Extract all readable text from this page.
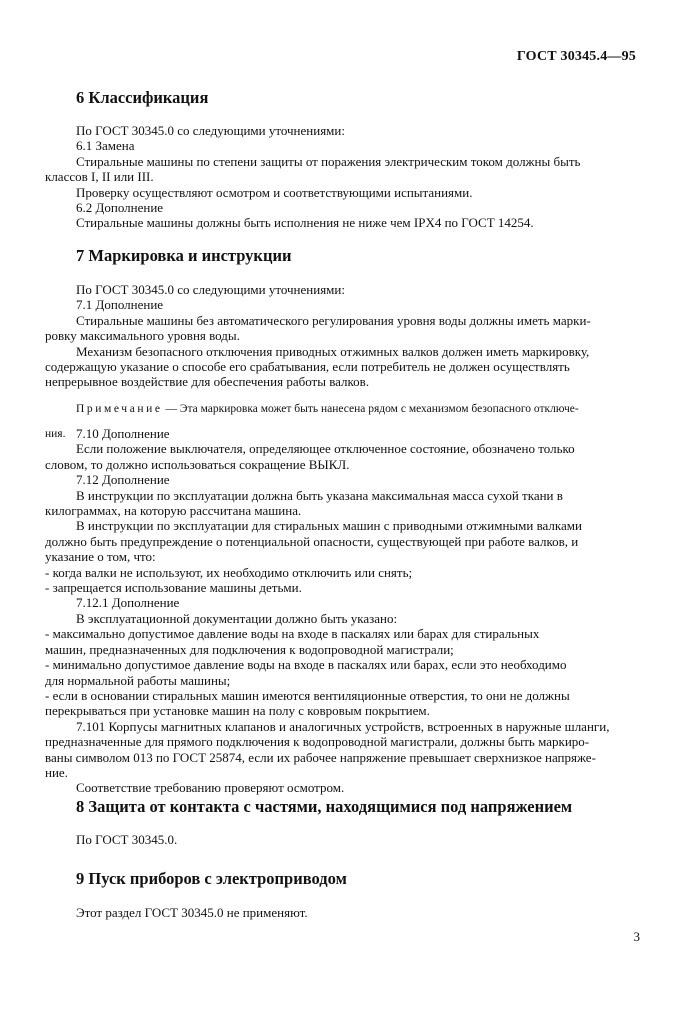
ГОСТ 30345.4—95
6 Классификация

По ГОСТ 30345.0 со следующими уточнениями:

6.1 Замена

Стиральные машины по степени защиты от поражения электрическим током должны быть

классов I, II или III.

Проверку осуществляют осмотром и соответствующими испытаниями.

6.2 Дополнение

Стиральные машины должны быть исполнения не ниже чем IPX4 по ГОСТ 14254.

7 Маркировка и инструкции

По ГОСТ 30345.0 со следующими уточнениями:

7.1 Дополнение

Стиральные машины без автоматического регулирования уровня воды должны иметь марки-

ровку максимального уровня воды.

Механизм безопасного отключения приводных отжимных валков должен иметь маркировку,

содержащую указание о способе его срабатывания, если потребитель не должен осуществлять

непрерывное воздействие для обеспечения работы валков.

Примечание — Эта маркировка может быть нанесена рядом с механизмом безопасного отключе-

ния. 7.10 Дополнение

Если положение выключателя, определяющее отключенное состояние, обозначено только

словом, то должно использоваться сокращение ВЫКЛ.

7.12 Дополнение

В инструкции по эксплуатации должна быть указана максимальная масса сухой ткани в

килограммах, на которую рассчитана машина.

В инструкции по эксплуатации для стиральных машин с приводными отжимными валками

должно быть предупреждение о потенциальной опасности, существующей при работе валков, и

указание о том, что:

- когда валки не используют, их необходимо отключить или снять;

- запрещается использование машины детьми.

7.12.1 Дополнение

В эксплуатационной документации должно быть указано:

- максимально допустимое давление воды на входе в паскалях или барах для стиральных

машин, предназначенных для подключения к водопроводной магистрали;

- минимально допустимое давление воды на входе в паскалях или барах, если это необходимо

для нормальной работы машины;

- если в основании стиральных машин имеются вентиляционные отверстия, то они не должны

перекрываться при установке машин на полу с ковровым покрытием.

7.101 Корпусы магнитных клапанов и аналогичных устройств, встроенных в наружные шланги,

предназначенные для прямого подключения к водопроводной магистрали, должны быть маркиро-

ваны символом 013 по ГОСТ 25874, если их рабочее напряжение превышает сверхнизкое напряже-

ние.

Соответствие требованию проверяют осмотром.

8 Защита от контакта с частями, находящимися под напряжением

По ГОСТ 30345.0.

9 Пуск приборов с электроприводом

Этот раздел ГОСТ 30345.0 не применяют.

3
